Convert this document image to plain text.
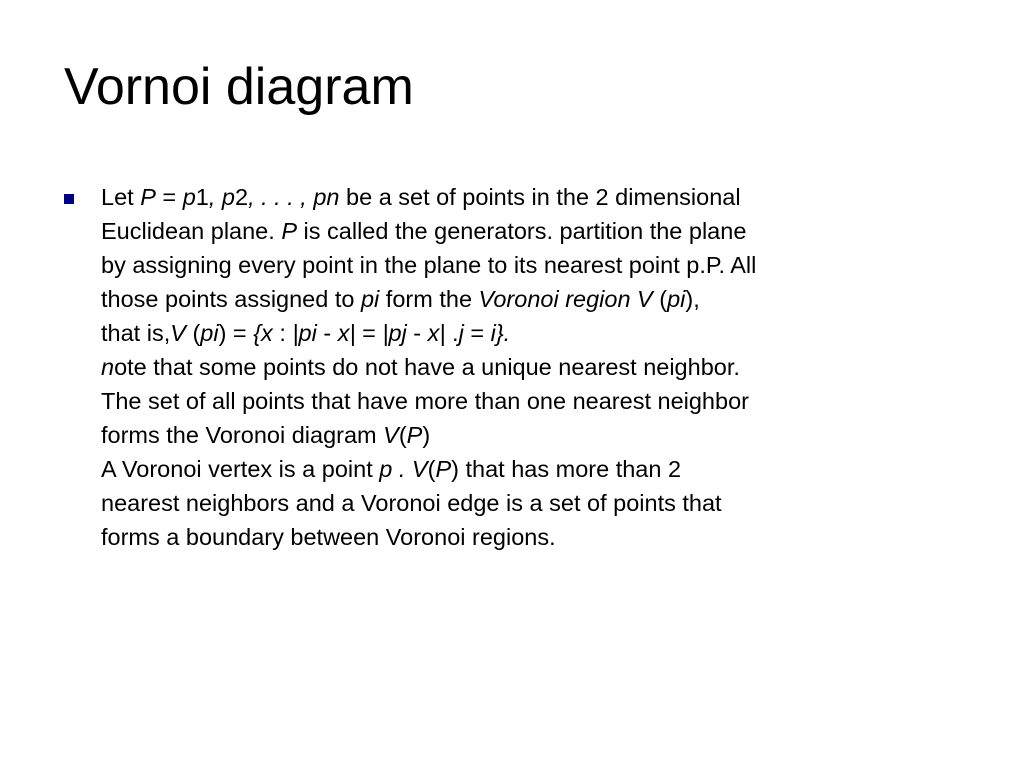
Vornoi diagram
Let P = p1, p2, . . . , pn be a set of points in the 2 dimensional
Euclidean plane. P is called the generators. partition the plane
by assigning every point in the plane to its nearest point p.P. All
those points assigned to pi form the Voronoi region V (pi),
that is,V (pi) = {x : |pi - x| = |pj - x| .j = i}.
note that some points do not have a unique nearest neighbor.
The set of all points that have more than one nearest neighbor
forms the Voronoi diagram V(P)
A Voronoi vertex is a point p . V(P) that has more than 2
nearest neighbors and a Voronoi edge is a set of points that
forms a boundary between Voronoi regions.
